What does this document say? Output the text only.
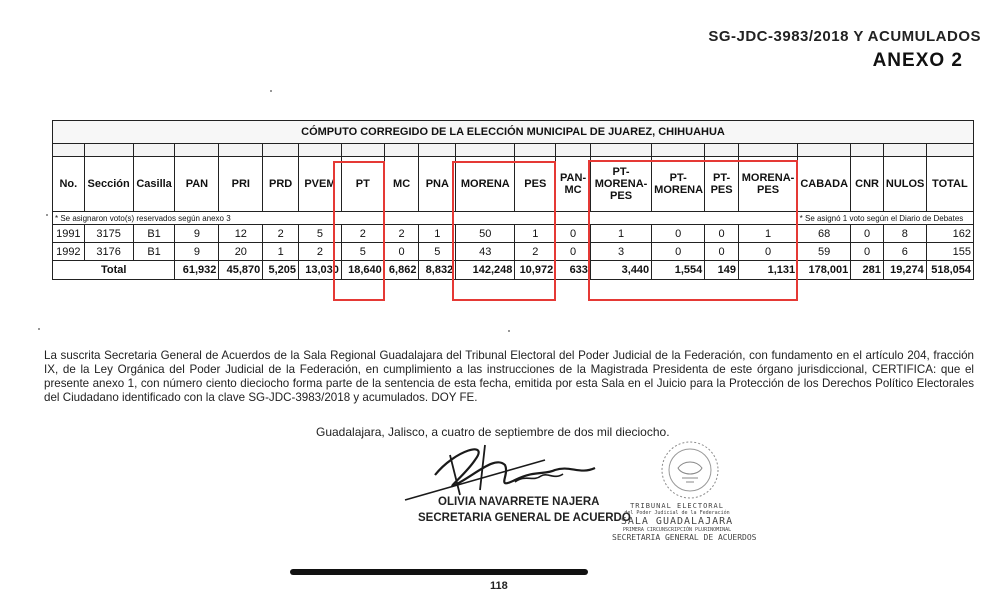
SG-JDC-3983/2018 Y ACUMULADOS
ANEXO 2
CÓMPUTO CORREGIDO DE LA ELECCIÓN MUNICIPAL DE JUAREZ, CHIHUAHUA																				

No.	Sección	Casilla	PAN	PRI	PRD	PVEM	PT	MC	PNA	MORENA	PES	PAN-MC	PT-MORENA-PES	PT-MORENA	PT-PES	MORENA-PES	CABADA	CNR	NULOS	TOTAL
* Se asignaron voto(s) reservados según anexo 3																	* Se asignó 1 voto según el Diario de Debates			
1991	3175	B1	9	12	2	5	2	2	1	50	1	0	1	0	0	1	68	0	8	162
1992	3176	B1	9	20	1	2	5	0	5	43	2	0	3	0	0	0	59	0	6	155
Total			61,932	45,870	5,205	13,030	18,640	6,862	8,832	142,248	10,972	633	3,440	1,554	149	1,131	178,001	281	19,274	518,054
La suscrita Secretaria General de Acuerdos de la Sala Regional Guadalajara del Tribunal Electoral del Poder Judicial de la Federación, con fundamento en el artículo 204, fracción IX, de la Ley Orgánica del Poder Judicial de la Federación, en cumplimiento a las instrucciones de la Magistrada Presidenta de este órgano jurisdiccional, CERTIFICA: que el presente anexo 1, con número ciento dieciocho forma parte de la sentencia de esta fecha, emitida por esta Sala en el Juicio para la Protección de los Derechos Político Electorales del Ciudadano identificado con la clave SG-JDC-3983/2018 y acumulados. DOY FE.
Guadalajara, Jalisco, a cuatro de septiembre de dos mil dieciocho.
OLIVIA NAVARRETE NAJERA
SECRETARIA GENERAL DE ACUERDO
TRIBUNAL ELECTORAL
del Poder Judicial de la Federación
SALA GUADALAJARA
PRIMERA CIRCUNSCRIPCIÓN PLURINOMINAL
SECRETARIA GENERAL DE ACUERDOS
118
